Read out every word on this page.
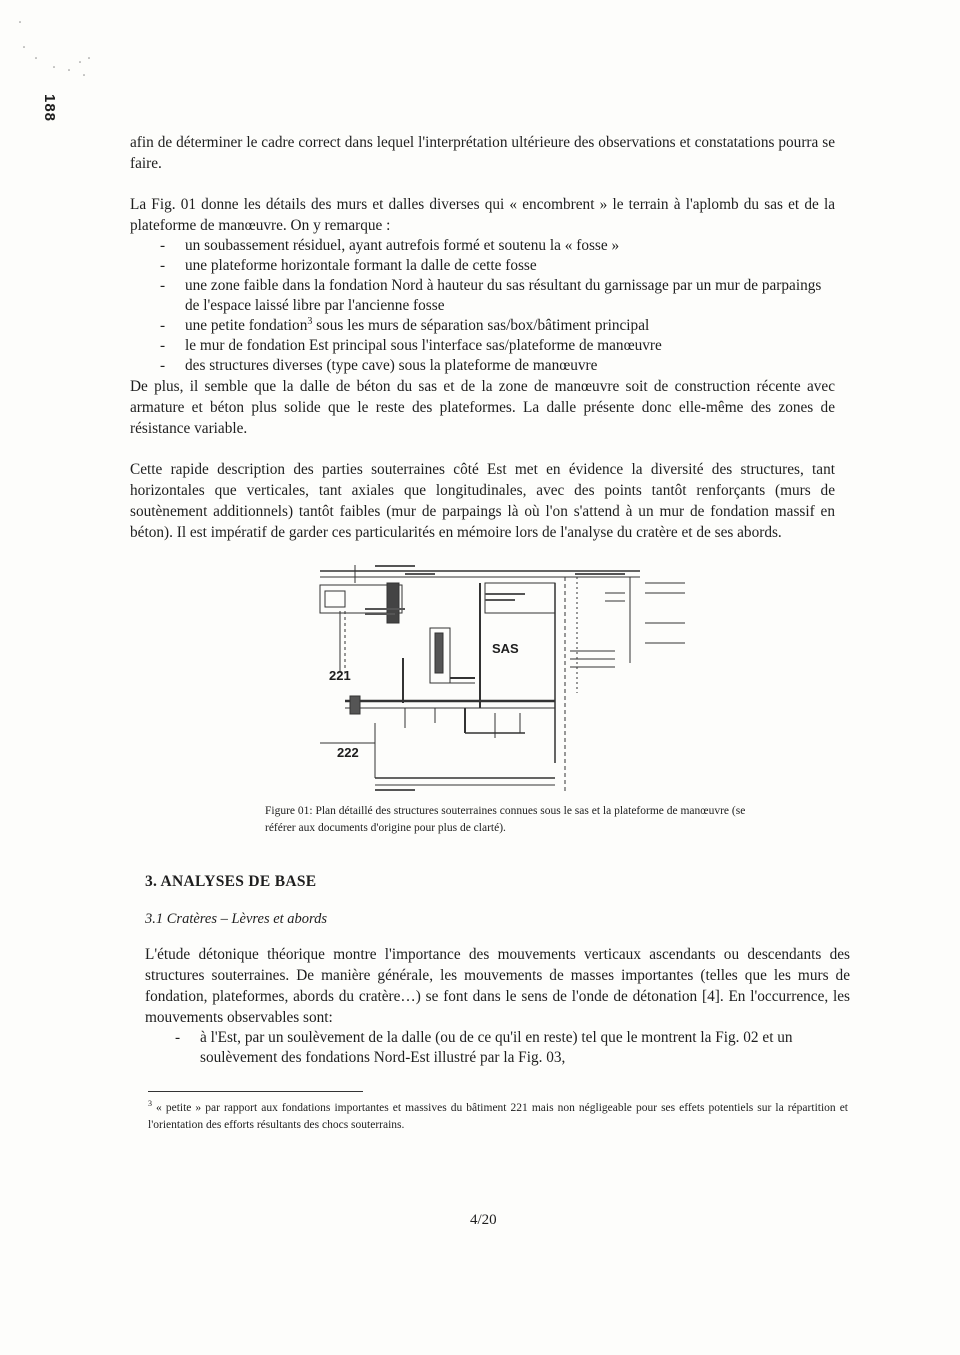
188

afin de déterminer le cadre correct dans lequel l'interprétation ultérieure des observations et constatations pourra se faire.

La Fig. 01 donne les détails des murs et dalles diverses qui « encombrent » le terrain à l'aplomb du sas et de la plateforme de manœuvre. On y remarque :

- un soubassement résiduel, ayant autrefois formé et soutenu la « fosse »
- une plateforme horizontale formant la dalle de cette fosse
- une zone faible dans la fondation Nord à hauteur du sas résultant du garnissage par un mur de parpaings de l'espace laissé libre par l'ancienne fosse
- une petite fondation$^3$ sous les murs de séparation sas/box/bâtiment principal
- le mur de fondation Est principal sous l'interface sas/plateforme de manœuvre
- des structures diverses (type cave) sous la plateforme de manœuvre

De plus, il semble que la dalle de béton du sas et de la zone de manœuvre soit de construction récente avec armature et béton plus solide que le reste des plateformes. La dalle présente donc elle-même des zones de résistance variable.

Cette rapide description des parties souterraines côté Est met en évidence la diversité des structures, tant horizontales que verticales, tant axiales que longitudinales, avec des points tantôt renforçants (murs de soutènement additionnels) tantôt faibles (mur de parpaings là où l'on s'attend à un mur de fondation massif en béton). Il est impératif de garder ces particularités en mémoire lors de l'analyse du cratère et de ses abords.

SAS
221
222

Figure 01: Plan détaillé des structures souterraines connues sous le sas et la plateforme de manœuvre (se référer aux documents d'origine pour plus de clarté).

3. ANALYSES DE BASE
3.1 Cratères – Lèvres et abords

L'étude détonique théorique montre l'importance des mouvements verticaux ascendants ou descendants des structures souterraines. De manière générale, les mouvements de masses importantes (telles que les murs de fondation, plateformes, abords du cratère…) se font dans le sens de l'onde de détonation [4]. En l'occurrence, les mouvements observables sont:

- à l'Est, par un soulèvement de la dalle (ou de ce qu'il en reste) tel que le montrent la Fig. 02 et un soulèvement des fondations Nord-Est illustré par la Fig. 03,

$^3$ « petite » par rapport aux fondations importantes et massives du bâtiment 221 mais non négligeable pour ses effets potentiels sur la répartition et l'orientation des efforts résultants des chocs souterrains.

4/20
